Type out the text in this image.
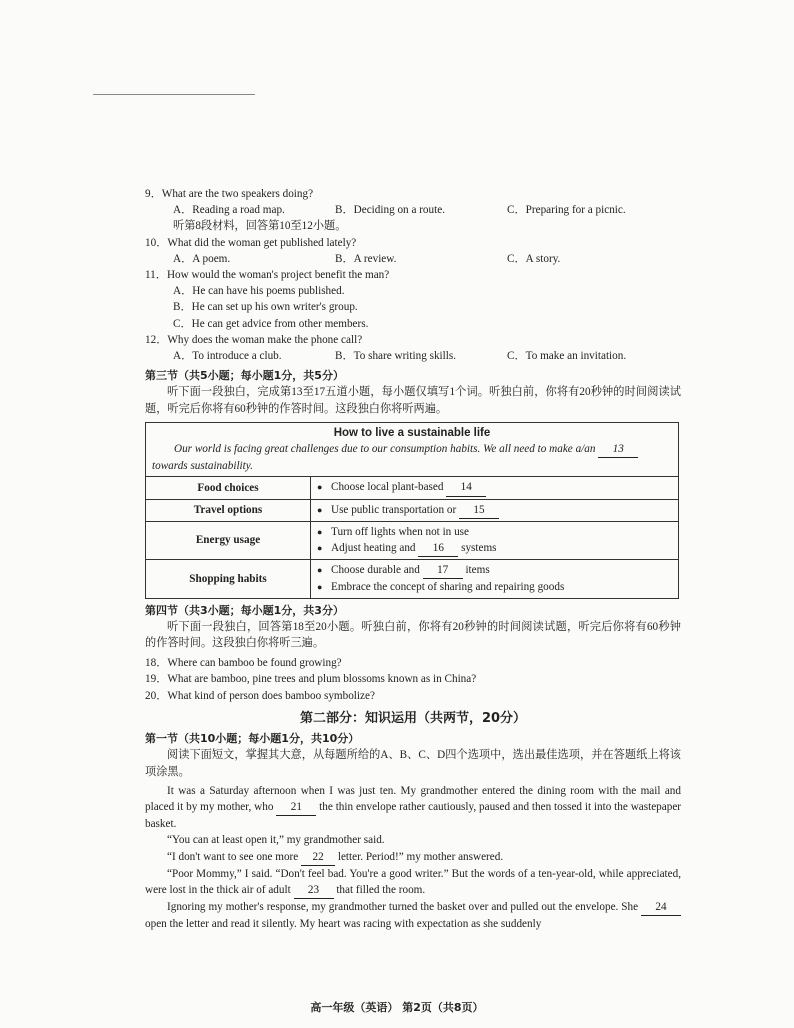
9．What are the two speakers doing?

A．Reading a road map.	B．Deciding on a route.	C．Preparing for a picnic.
听第8段材料，回答第10至12小题。

10．What did the woman get published lately?

A．A poem.	B．A review.	C．A story.

11．How would the woman's project benefit the man?

A．He can have his poems published.
B．He can set up his own writer's group.
C．He can get advice from other members.

12．Why does the woman make the phone call?

A．To introduce a club.	B．To share writing skills.	C．To make an invitation.
第三节（共5小题；每小题1分，共5分）

听下面一段独白，完成第13至17五道小题，每小题仅填写1个词。听独白前，你将有20秒钟的时间阅读试题，听完后你将有60秒钟的作答时间。这段独白你将听两遍。

How to live a sustainable life
Our world is facing great challenges due to our consumption habits. We all need to make a/an 13 towards sustainability.	

Food choices	● Choose local plant-based 14

Travel options	● Use public transportation or 15

Energy usage	● Turn off lights when not in use
● Adjust heating and 16 systems

Shopping habits	● Choose durable and 17 items
● Embrace the concept of sharing and repairing goods
第四节（共3小题；每小题1分，共3分）

听下面一段独白，回答第18至20小题。听独白前，你将有20秒钟的时间阅读试题，听完后你将有60秒钟的作答时间。这段独白你将听三遍。

18．Where can bamboo be found growing?

19．What are bamboo, pine trees and plum blossoms known as in China?

20．What kind of person does bamboo symbolize?

第二部分：知识运用（共两节，20分）
第一节（共10小题；每小题1分，共10分）

阅读下面短文，掌握其大意，从每题所给的A、B、C、D四个选项中，选出最佳选项，并在答题纸上将该项涂黑。

It was a Saturday afternoon when I was just ten. My grandmother entered the dining room with the mail and placed it by my mother, who 21 the thin envelope rather cautiously, paused and then tossed it into the wastepaper basket.

“You can at least open it,” my grandmother said.

“I don't want to see one more 22 letter. Period!” my mother answered.

“Poor Mommy,” I said. “Don't feel bad. You're a good writer.” But the words of a ten-year-old, while appreciated, were lost in the thick air of adult 23 that filled the room.

Ignoring my mother's response, my grandmother turned the basket over and pulled out the envelope. She 24 open the letter and read it silently. My heart was racing with expectation as she suddenly

高一年级（英语） 第2页（共8页）
